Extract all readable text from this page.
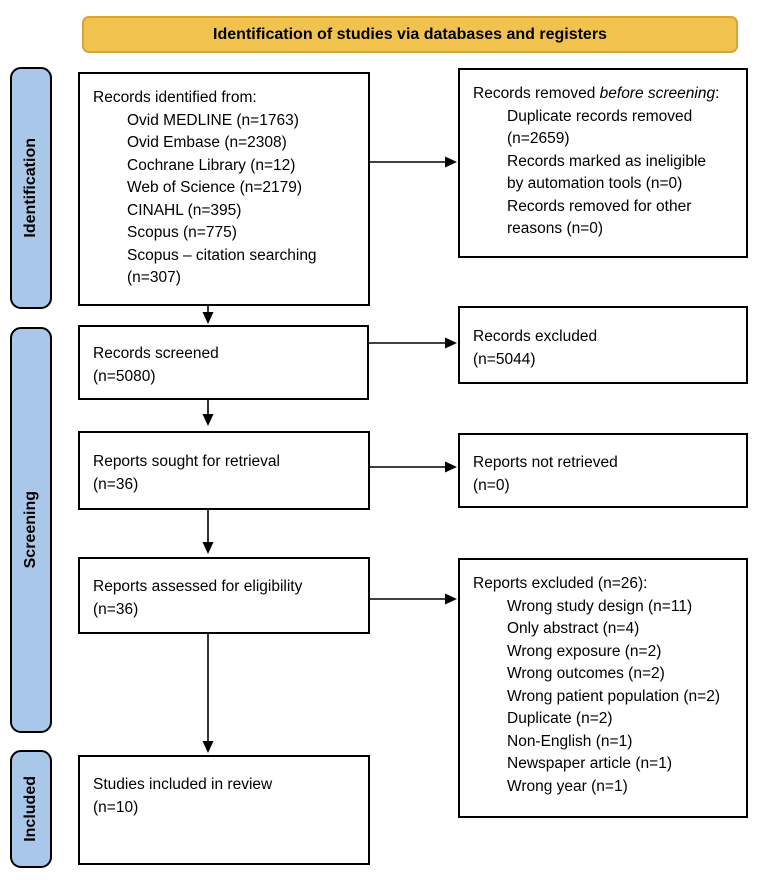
Identification of studies via databases and registers
Identification
Screening
Included
Records identified from:
Ovid MEDLINE (n=1763)
Ovid Embase (n=2308)
Cochrane Library (n=12)
Web of Science (n=2179)
CINAHL (n=395)
Scopus (n=775)
Scopus – citation searching (n=307)
Records removed before screening:
Duplicate records removed (n=2659)
Records marked as ineligible by automation tools (n=0)
Records removed for other reasons (n=0)
Records screened
(n=5080)
Records excluded
(n=5044)
Reports sought for retrieval
(n=36)
Reports not retrieved
(n=0)
Reports assessed for eligibility
(n=36)
Reports excluded (n=26):
Wrong study design (n=11)
Only abstract (n=4)
Wrong exposure (n=2)
Wrong outcomes (n=2)
Wrong patient population (n=2)
Duplicate (n=2)
Non-English (n=1)
Newspaper article (n=1)
Wrong year (n=1)
Studies included in review
(n=10)
